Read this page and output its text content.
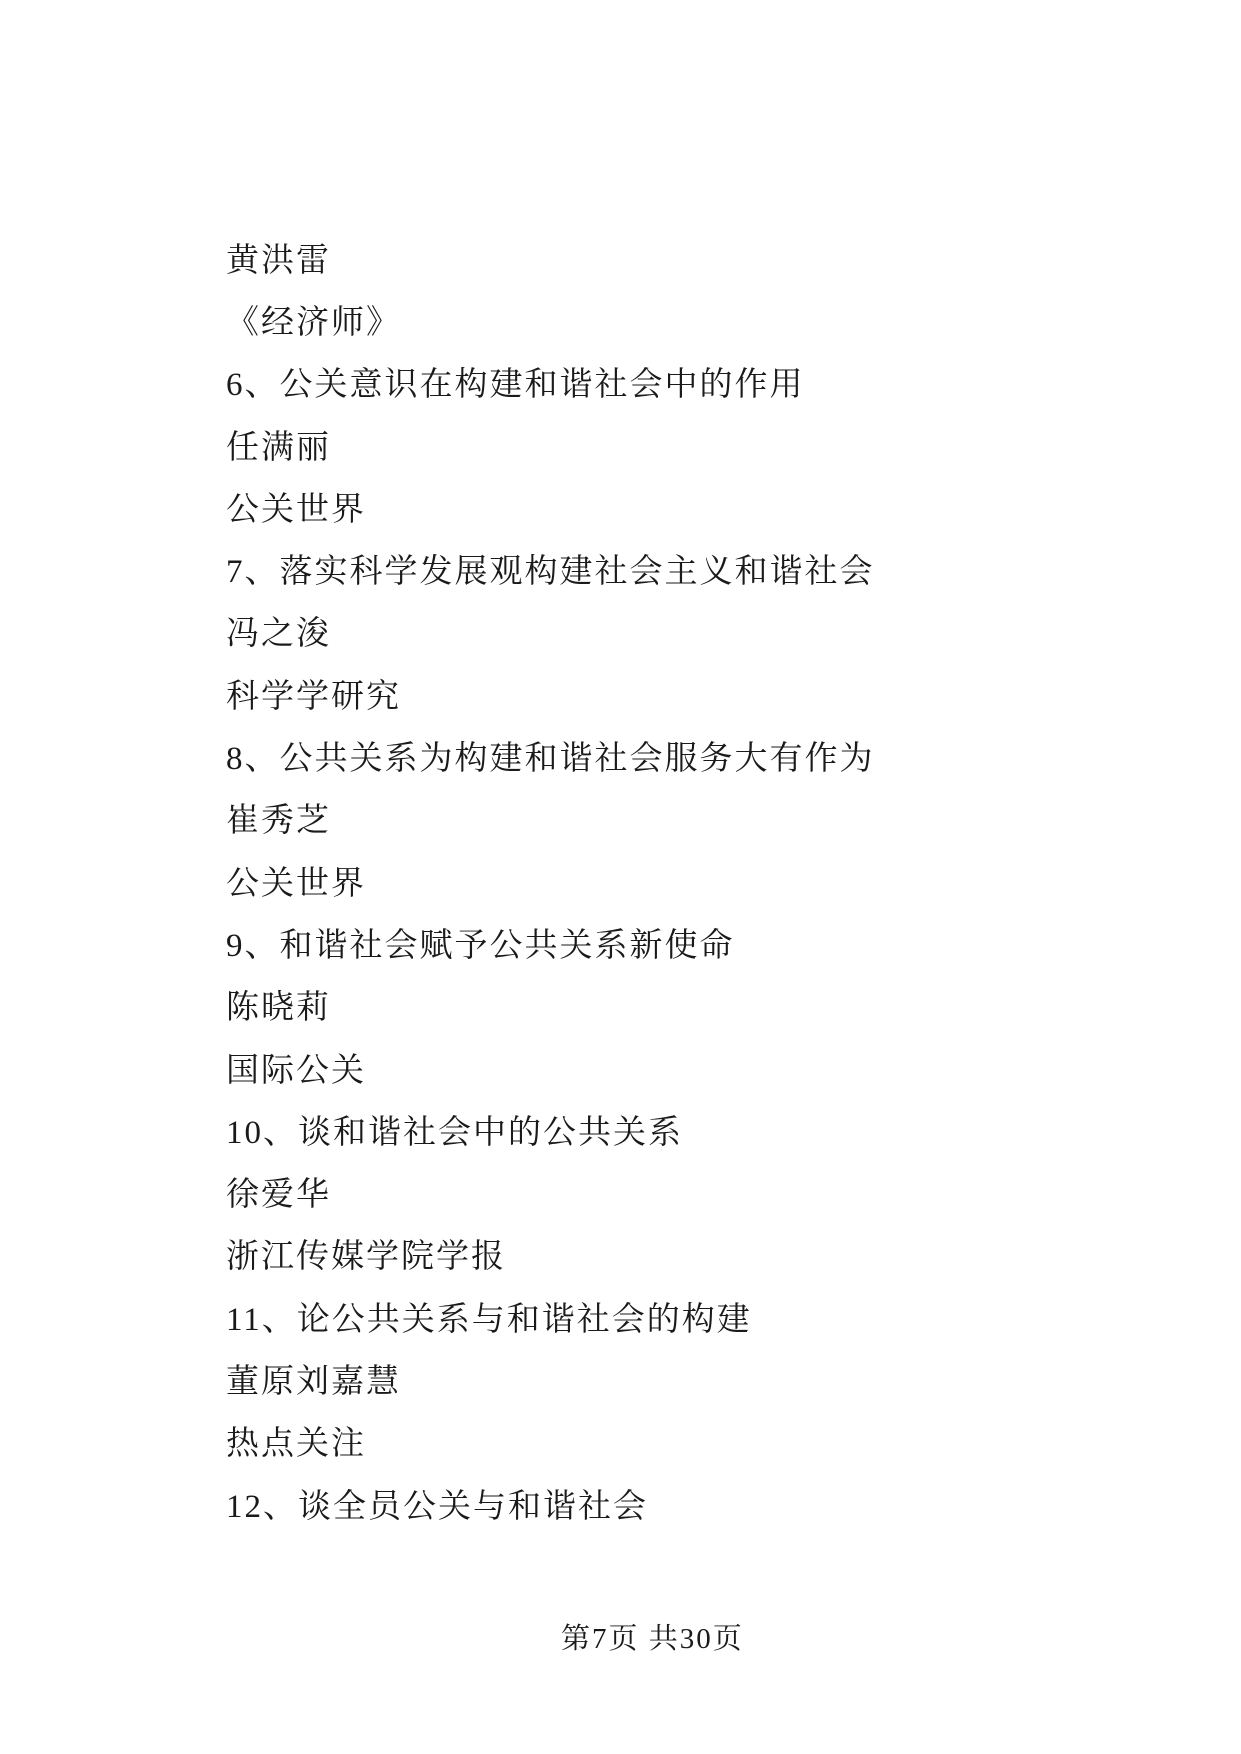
黄洪雷
《经济师》
6、公关意识在构建和谐社会中的作用
任满丽
公关世界
7、落实科学发展观构建社会主义和谐社会
冯之浚
科学学研究
8、公共关系为构建和谐社会服务大有作为
崔秀芝
公关世界
9、和谐社会赋予公共关系新使命
陈晓莉
国际公关
10、谈和谐社会中的公共关系
徐爱华
浙江传媒学院学报
11、论公共关系与和谐社会的构建
董原刘嘉慧
热点关注
12、谈全员公关与和谐社会
第7页 共30页
